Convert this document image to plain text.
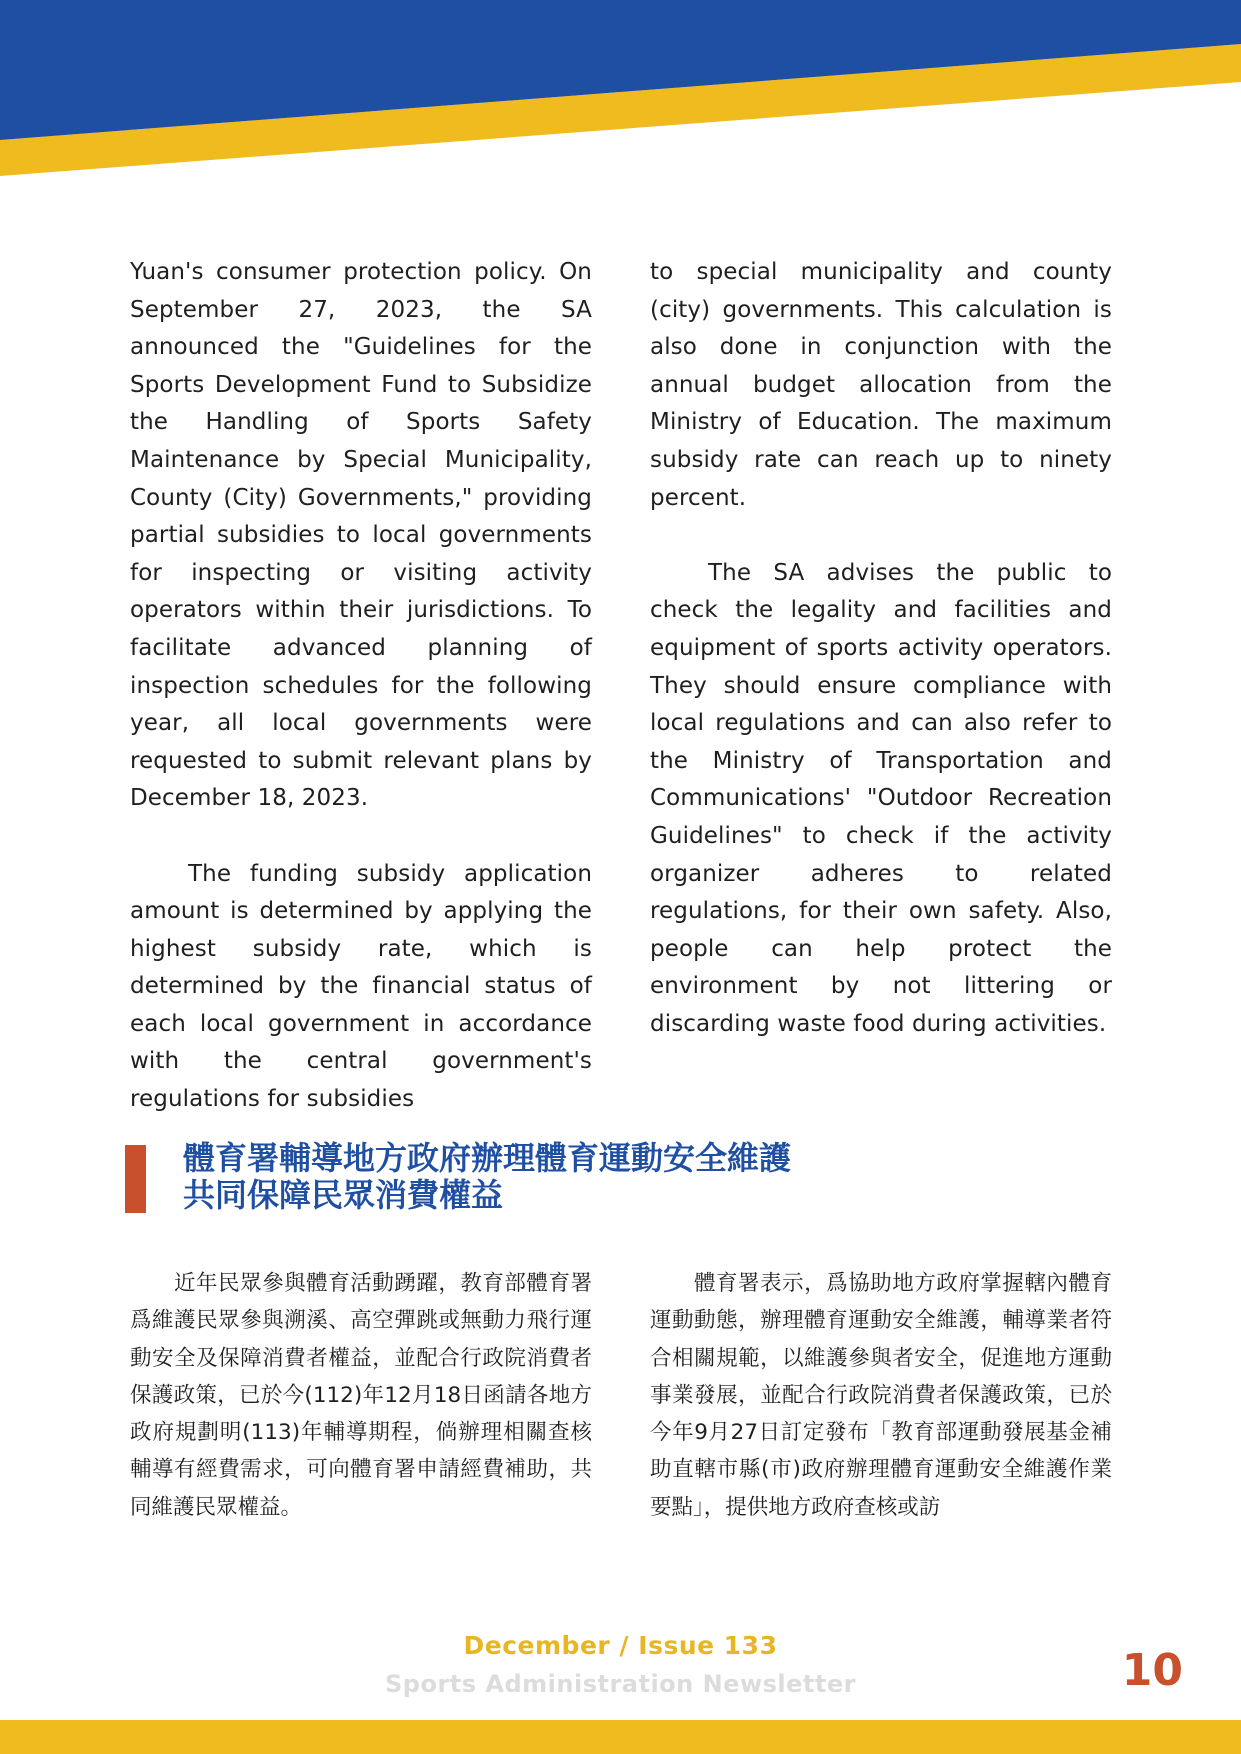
Yuan's consumer protection policy. On September 27, 2023, the SA announced the "Guidelines for the Sports Development Fund to Subsidize the Handling of Sports Safety Maintenance by Special Municipality, County (City) Governments," providing partial subsidies to local governments for inspecting or visiting activity operators within their jurisdictions. To facilitate advanced planning of inspection schedules for the following year, all local governments were requested to submit relevant plans by December 18, 2023.

The funding subsidy application amount is determined by applying the highest subsidy rate, which is determined by the financial status of each local government in accordance with the central government's regulations for subsidies

to special municipality and county (city) governments. This calculation is also done in conjunction with the annual budget allocation from the Ministry of Education. The maximum subsidy rate can reach up to ninety percent.

The SA advises the public to check the legality and facilities and equipment of sports activity operators. They should ensure compliance with local regulations and can also refer to the Ministry of Transportation and Communications' "Outdoor Recreation Guidelines" to check if the activity organizer adheres to related regulations, for their own safety. Also, people can help protect the environment by not littering or discarding waste food during activities.

體育署輔導地方政府辦理體育運動安全維護
共同保障民眾消費權益

近年民眾參與體育活動踴躍，教育部體育署爲維護民眾參與溯溪、高空彈跳或無動力飛行運動安全及保障消費者權益，並配合行政院消費者保護政策，已於今(112)年12月18日函請各地方政府規劃明(113)年輔導期程，倘辦理相關查核輔導有經費需求，可向體育署申請經費補助，共同維護民眾權益。

體育署表示，爲協助地方政府掌握轄內體育運動動態，辦理體育運動安全維護，輔導業者符合相關規範，以維護參與者安全，促進地方運動事業發展，並配合行政院消費者保護政策，已於今年9月27日訂定發布「教育部運動發展基金補助直轄市縣(市)政府辦理體育運動安全維護作業要點」，提供地方政府查核或訪

December / Issue 133
Sports Administration Newsletter	10
